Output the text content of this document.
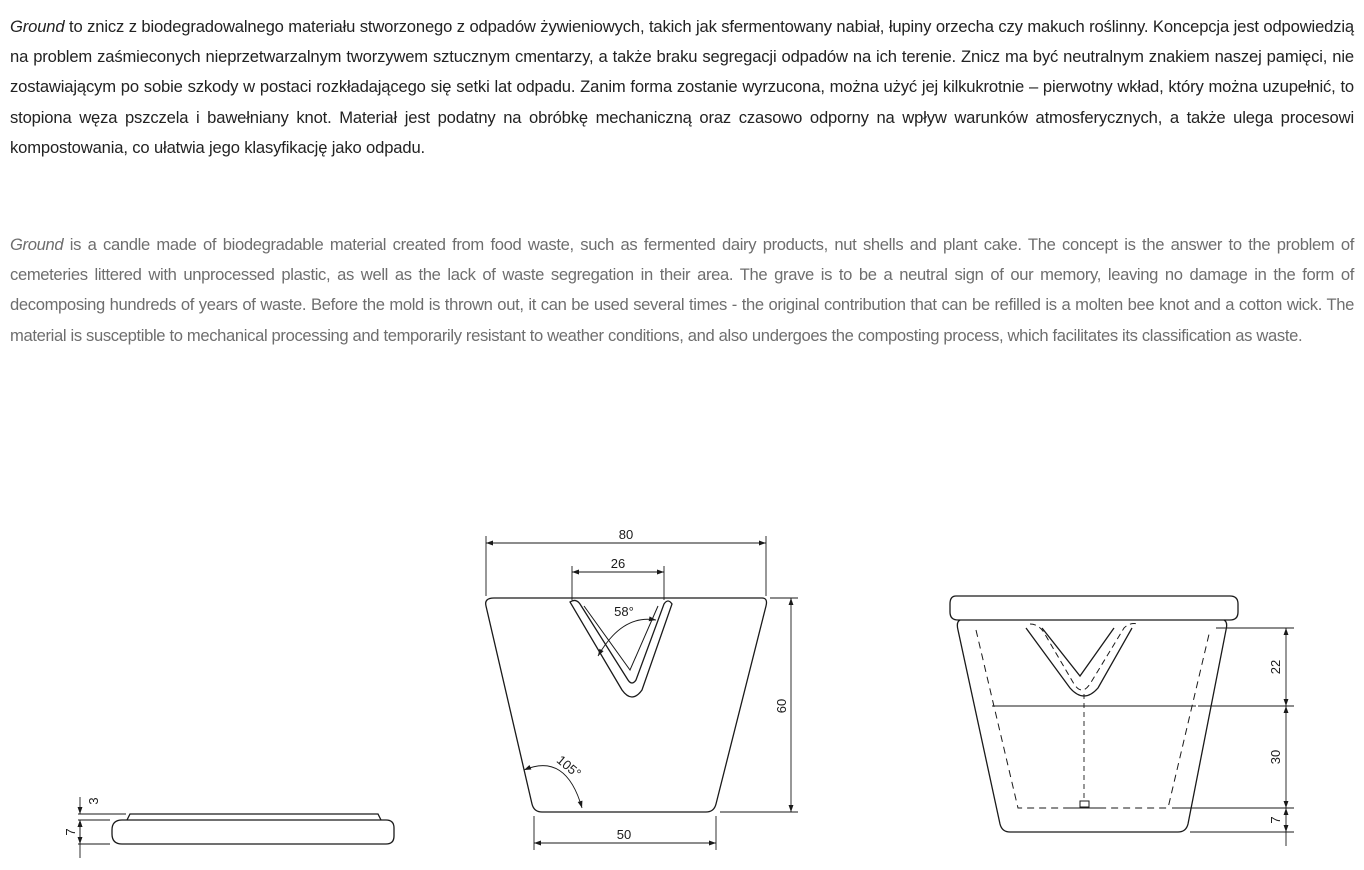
Ground to znicz z biodegradowalnego materiału stworzonego z odpadów żywieniowych, takich jak sfermentowany nabiał, łupiny orzecha czy makuch roślinny. Koncepcja jest odpowiedzią na problem zaśmieconych nieprzetwarzalnym tworzywem sztucznym cmentarzy, a także braku segregacji odpadów na ich terenie. Znicz ma być neutralnym znakiem naszej pamięci, nie zostawiającym po sobie szkody w postaci rozkładającego się setki lat odpadu. Zanim forma zostanie wyrzucona, można użyć jej kilkukrotnie – pierwotny wkład, który można uzupełnić, to stopiona węza pszczela i bawełniany knot. Materiał jest podatny na obróbkę mechaniczną oraz czasowo odporny na wpływ warunków atmosferycznych, a także ulega procesowi kompostowania, co ułatwia jego klasyfikację jako odpadu.

Ground is a candle made of biodegradable material created from food waste, such as fermented dairy products, nut shells and plant cake. The concept is the answer to the problem of cemeteries littered with unprocessed plastic, as well as the lack of waste segregation in their area. The grave is to be a neutral sign of our memory, leaving no damage in the form of decomposing hundreds of years of waste. Before the mold is thrown out, it can be used several times - the original contribution that can be refilled is a molten bee knot and a cotton wick. The material is susceptible to mechanical processing and temporarily resistant to weather conditions, and also undergoes the composting process, which facilitates its classification as waste.

3
7
80
26
58°
60
105°
50
22
30
7
